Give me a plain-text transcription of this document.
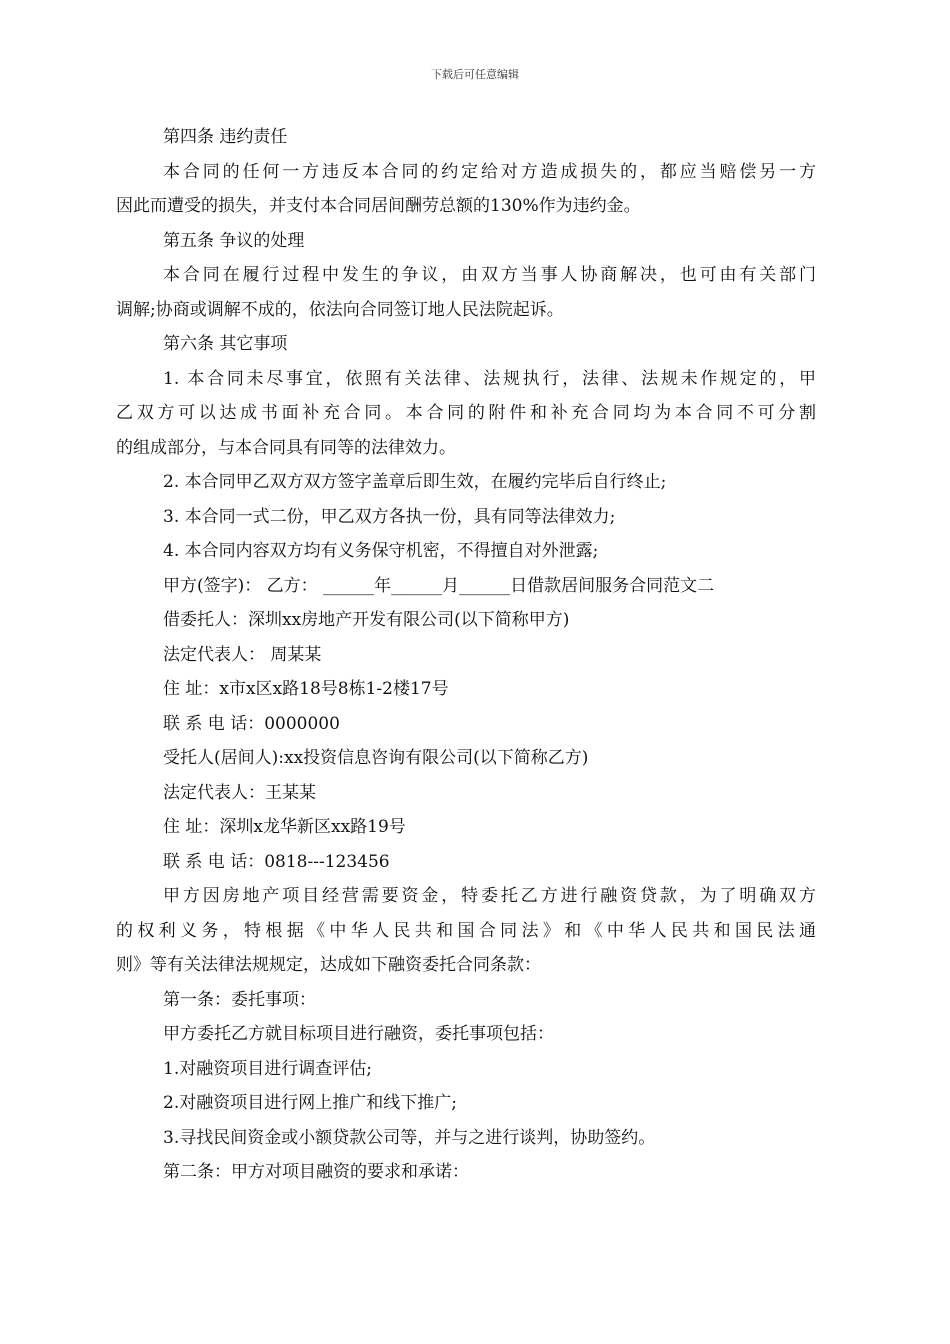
下载后可任意编辑
第四条 违约责任
本合同的任何一方违反本合同的约定给对方造成损失的，都应当赔偿另一方
因此而遭受的损失，并支付本合同居间酬劳总额的130%作为违约金。
第五条 争议的处理
本合同在履行过程中发生的争议，由双方当事人协商解决，也可由有关部门
调解;协商或调解不成的，依法向合同签订地人民法院起诉。
第六条 其它事项
1. 本合同未尽事宜，依照有关法律、法规执行，法律、法规未作规定的，甲
乙双方可以达成书面补充合同。本合同的附件和补充合同均为本合同不可分割
的组成部分，与本合同具有同等的法律效力。
2. 本合同甲乙双方双方签字盖章后即生效，在履约完毕后自行终止;
3. 本合同一式二份，甲乙双方各执一份，具有同等法律效力;
4. 本合同内容双方均有义务保守机密，不得擅自对外泄露;
甲方(签字)： 乙方： ______年______月______日借款居间服务合同范文二
借委托人：深圳xx房地产开发有限公司(以下简称甲方)
法定代表人： 周某某
住 址：x市x区x路18号8栋1-2楼17号
联 系 电 话：0000000
受托人(居间人):xx投资信息咨询有限公司(以下简称乙方)
法定代表人：王某某
住 址：深圳x龙华新区xx路19号
联 系 电 话：0818---123456
甲方因房地产项目经营需要资金，特委托乙方进行融资贷款，为了明确双方
的权利义务，特根据《中华人民共和国合同法》和《中华人民共和国民法通
则》等有关法律法规规定，达成如下融资委托合同条款：
第一条：委托事项：
甲方委托乙方就目标项目进行融资，委托事项包括：
1.对融资项目进行调查评估;
2.对融资项目进行网上推广和线下推广;
3.寻找民间资金或小额贷款公司等，并与之进行谈判，协助签约。
第二条：甲方对项目融资的要求和承诺：
